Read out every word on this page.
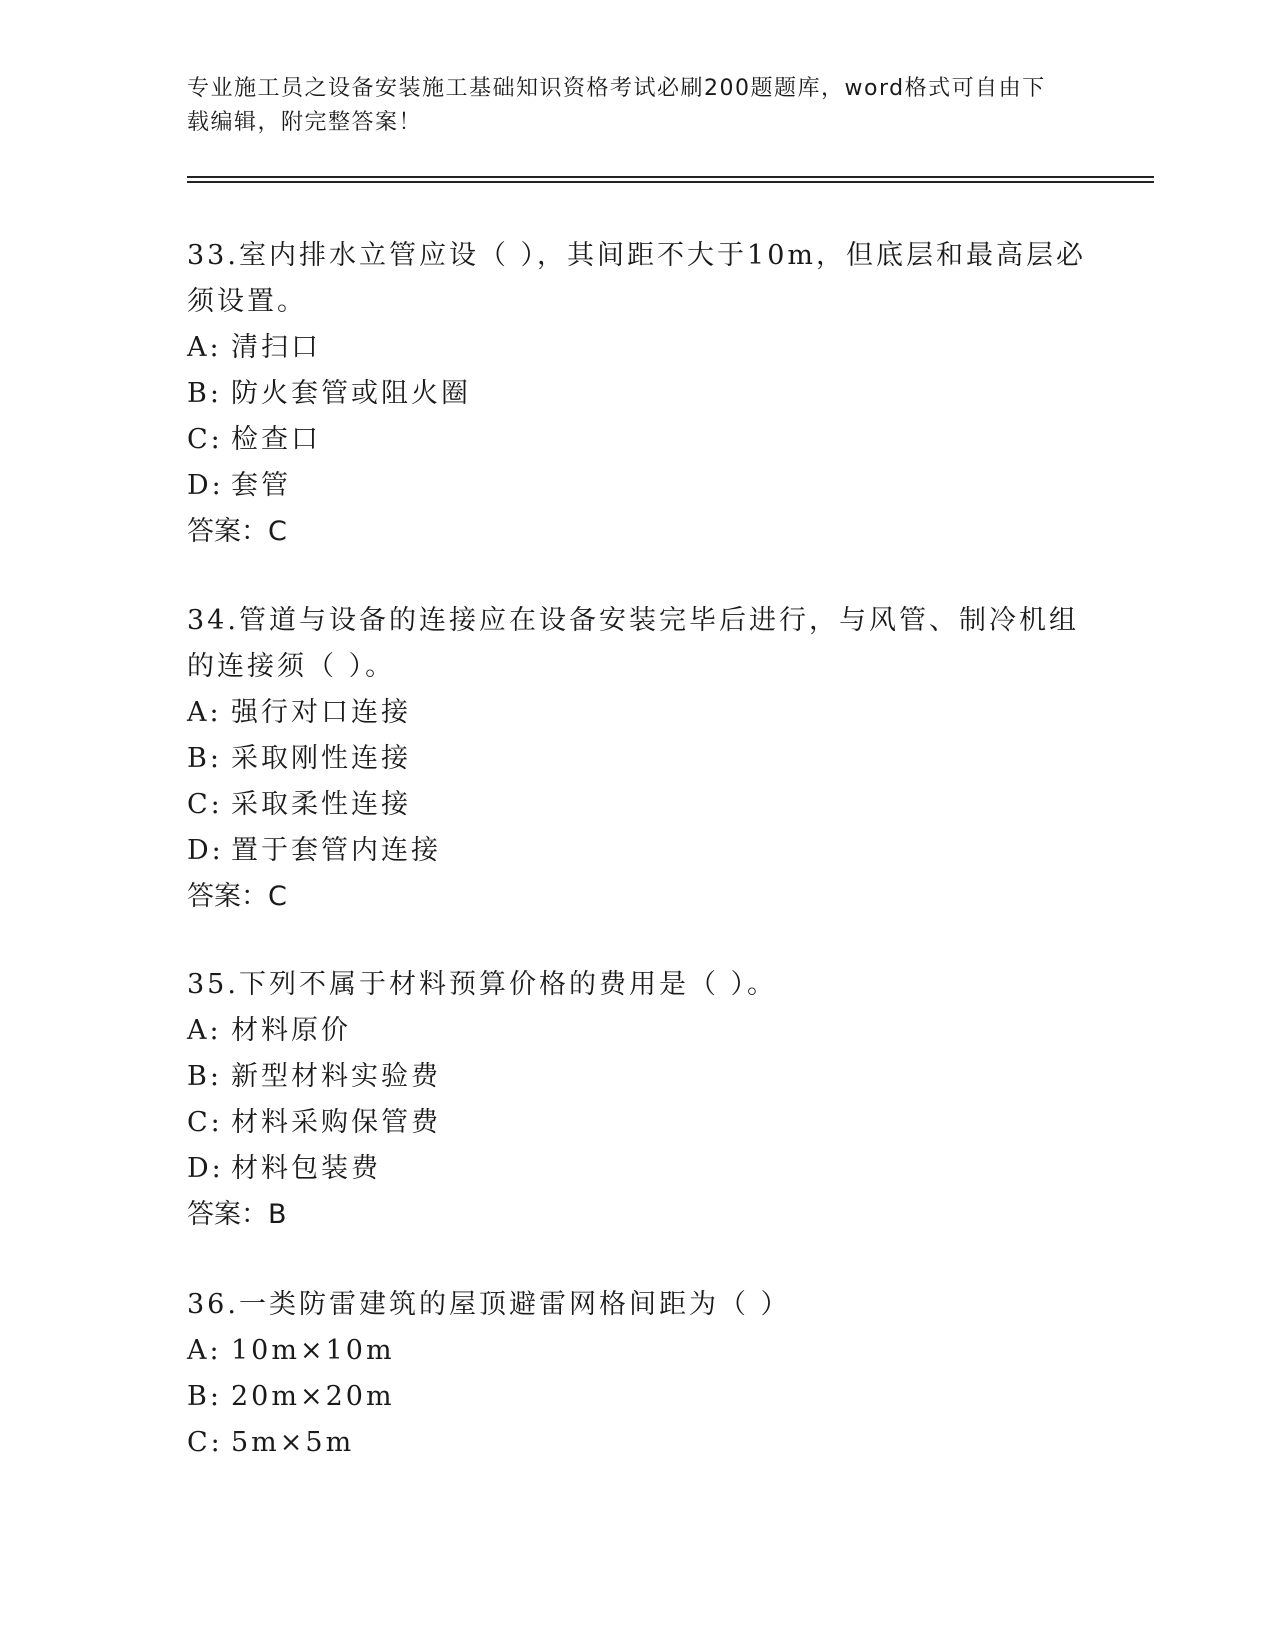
专业施工员之设备安装施工基础知识资格考试必刷200题题库，word格式可自由下载编辑，附完整答案！

33.室内排水立管应设（ ），其间距不大于10m，但底层和最高层必须设置。

A: 清扫口

B: 防火套管或阻火圈

C: 检查口

D: 套管

答案：C

34.管道与设备的连接应在设备安装完毕后进行，与风管、制冷机组的连接须（ ）。

A: 强行对口连接

B: 采取刚性连接

C: 采取柔性连接

D: 置于套管内连接

答案：C

35.下列不属于材料预算价格的费用是（ ）。

A: 材料原价

B: 新型材料实验费

C: 材料采购保管费

D: 材料包装费

答案：B

36.一类防雷建筑的屋顶避雷网格间距为（ ）

A: 10m×10m

B: 20m×20m

C: 5m×5m
